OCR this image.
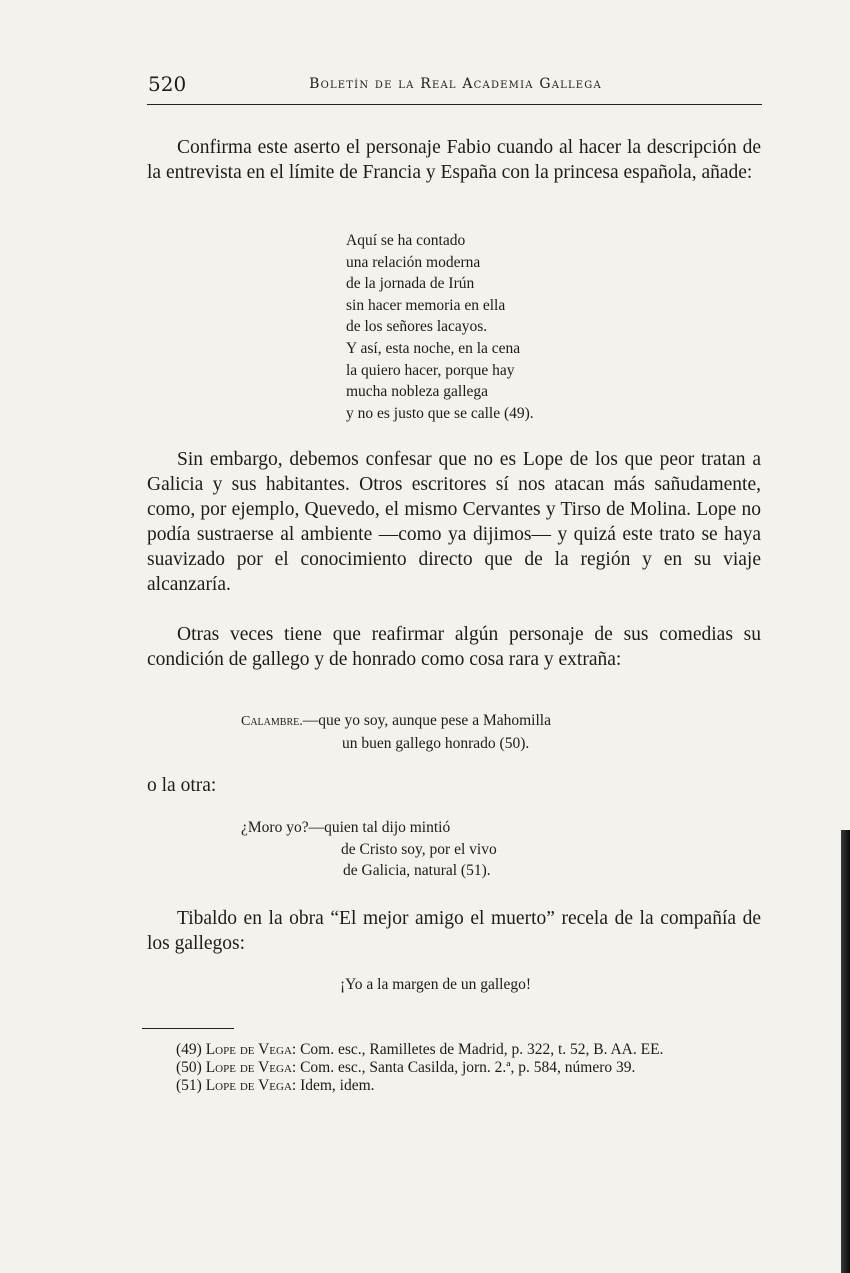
520	Boletín de la Real Academia Gallega

Confirma este aserto el personaje Fabio cuando al hacer la descripción de la entrevista en el límite de Francia y España con la princesa española, añade:

Aquí se ha contado
una relación moderna
de la jornada de Irún
sin hacer memoria en ella
de los señores lacayos.
Y así, esta noche, en la cena
la quiero hacer, porque hay
mucha nobleza gallega
y no es justo que se calle (49).

Sin embargo, debemos confesar que no es Lope de los que peor tratan a Galicia y sus habitantes. Otros escritores sí nos atacan más sañudamente, como, por ejemplo, Quevedo, el mismo Cervantes y Tirso de Molina. Lope no podía sustraerse al ambiente —como ya dijimos— y quizá este trato se haya suavizado por el conocimiento directo que de la región y en su viaje alcanzaría.

Otras veces tiene que reafirmar algún personaje de sus comedias su condición de gallego y de honrado como cosa rara y extraña:

Calambre.—que yo soy, aunque pese a Mahomilla
un buen gallego honrado (50).

o la otra:

¿Moro yo?—quien tal dijo mintió
de Cristo soy, por el vivo
de Galicia, natural (51).

Tibaldo en la obra “El mejor amigo el muerto” recela de la compañía de los gallegos:

¡Yo a la margen de un gallego!
(49) Lope de Vega: Com. esc., Ramilletes de Madrid, p. 322, t. 52, B. AA. EE.
(50) Lope de Vega: Com. esc., Santa Casilda, jorn. 2.ª, p. 584, número 39.
(51) Lope de Vega: Idem, idem.
